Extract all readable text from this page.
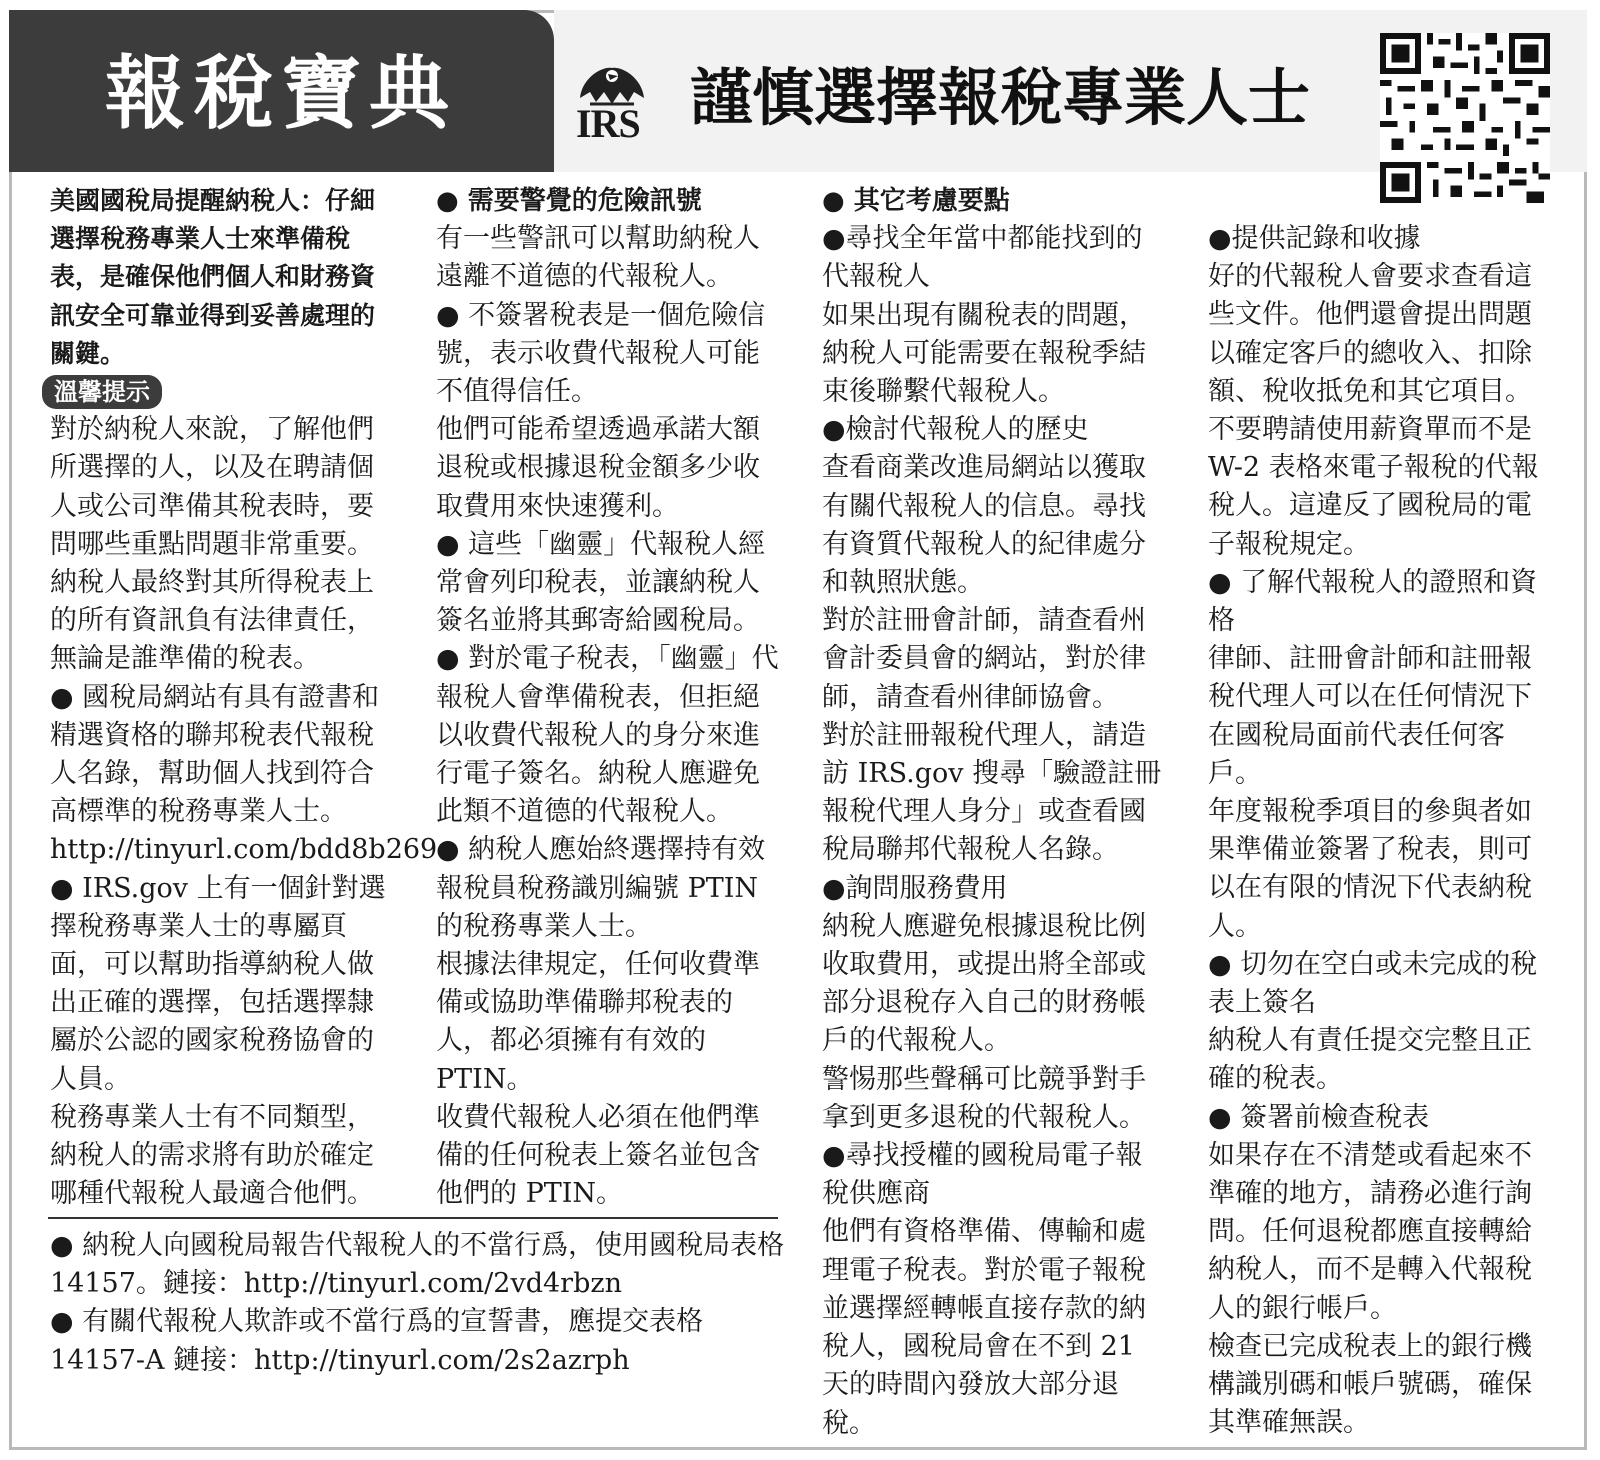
報稅寶典	IRS 謹慎選擇報稅專業人士

美國國稅局提醒納稅人：仔細選擇稅務專業人士來準備稅表，是確保他們個人和財務資訊安全可靠並得到妥善處理的關鍵。

溫馨提示

對於納稅人來說，了解他們所選擇的人，以及在聘請個人或公司準備其稅表時，要問哪些重點問題非常重要。

納稅人最終對其所得稅表上的所有資訊負有法律責任，無論是誰準備的稅表。

● 國稅局網站有具有證書和精選資格的聯邦稅表代報稅人名錄，幫助個人找到符合高標準的稅務專業人士。

http://tinyurl.com/bdd8b269

● IRS.gov 上有一個針對選擇稅務專業人士的專屬頁面，可以幫助指導納稅人做出正確的選擇，包括選擇隸屬於公認的國家稅務協會的人員。

稅務專業人士有不同類型，納稅人的需求將有助於確定哪種代報稅人最適合他們。

● 需要警覺的危險訊號

有一些警訊可以幫助納稅人遠離不道德的代報稅人。

● 不簽署稅表是一個危險信號，表示收費代報稅人可能不值得信任。

他們可能希望透過承諾大額退稅或根據退稅金額多少收取費用來快速獲利。

● 這些「幽靈」代報稅人經常會列印稅表，並讓納稅人簽名並將其郵寄給國稅局。

● 對於電子稅表，「幽靈」代報稅人會準備稅表，但拒絕以收費代報稅人的身分來進行電子簽名。納稅人應避免此類不道德的代報稅人。

● 納稅人應始終選擇持有效報稅員稅務識別編號 PTIN 的稅務專業人士。

根據法律規定，任何收費準備或協助準備聯邦稅表的人，都必須擁有有效的 PTIN。

收費代報稅人必須在他們準備的任何稅表上簽名並包含他們的 PTIN。

● 納稅人向國稅局報告代報稅人的不當行爲，使用國稅局表格 14157。鏈接：http://tinyurl.com/2vd4rbzn

● 有關代報稅人欺詐或不當行爲的宣誓書，應提交表格 14157-A 鏈接：http://tinyurl.com/2s2azrph

● 其它考慮要點

●尋找全年當中都能找到的代報稅人

如果出現有關稅表的問題，納稅人可能需要在報稅季結束後聯繫代報稅人。

●檢討代報稅人的歷史

查看商業改進局網站以獲取有關代報稅人的信息。尋找有資質代報稅人的紀律處分和執照狀態。

對於註冊會計師，請查看州會計委員會的網站，對於律師，請查看州律師協會。

對於註冊報稅代理人，請造訪 IRS.gov 搜尋「驗證註冊報稅代理人身分」或查看國稅局聯邦代報稅人名錄。

●詢問服務費用

納稅人應避免根據退稅比例收取費用，或提出將全部或部分退稅存入自己的財務帳戶的代報稅人。

警惕那些聲稱可比競爭對手拿到更多退稅的代報稅人。

●尋找授權的國稅局電子報稅供應商

他們有資格準備、傳輸和處理電子稅表。對於電子報稅並選擇經轉帳直接存款的納稅人，國稅局會在不到 21 天的時間內發放大部分退稅。

●提供記錄和收據

好的代報稅人會要求查看這些文件。他們還會提出問題以確定客戶的總收入、扣除額、稅收抵免和其它項目。

不要聘請使用薪資單而不是 W-2 表格來電子報稅的代報稅人。這違反了國稅局的電子報稅規定。

● 了解代報稅人的證照和資格

律師、註冊會計師和註冊報稅代理人可以在任何情況下在國稅局面前代表任何客戶。

年度報稅季項目的參與者如果準備並簽署了稅表，則可以在有限的情況下代表納稅人。

● 切勿在空白或未完成的稅表上簽名

納稅人有責任提交完整且正確的稅表。

● 簽署前檢查稅表

如果存在不清楚或看起來不準確的地方，請務必進行詢問。任何退稅都應直接轉給納稅人，而不是轉入代報稅人的銀行帳戶。

檢查已完成稅表上的銀行機構識別碼和帳戶號碼，確保其準確無誤。
